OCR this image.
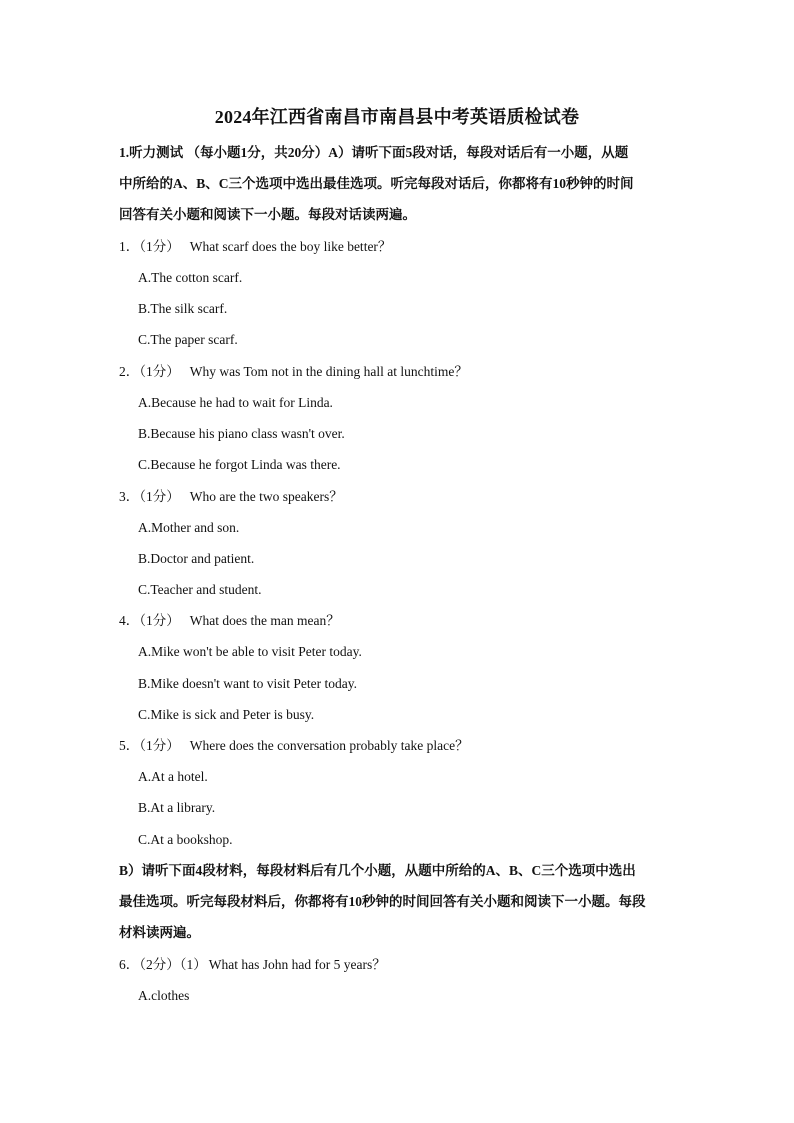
2024年江西省南昌市南昌县中考英语质检试卷
1.听力测试 （每小题1分，共20分）A）请听下面5段对话，每段对话后有一小题，从题
中所给的A、B、C三个选项中选出最佳选项。听完每段对话后，你都将有10秒钟的时间
回答有关小题和阅读下一小题。每段对话读两遍。
1．（1分） What scarf does the boy like better？
A.The cotton scarf.
B.The silk scarf.
C.The paper scarf.
2．（1分） Why was Tom not in the dining hall at lunchtime？
A.Because he had to wait for Linda.
B.Because his piano class wasn't over.
C.Because he forgot Linda was there.
3．（1分） Who are the two speakers？
A.Mother and son.
B.Doctor and patient.
C.Teacher and student.
4．（1分） What does the man mean？
A.Mike won't be able to visit Peter today.
B.Mike doesn't want to visit Peter today.
C.Mike is sick and Peter is busy.
5．（1分） Where does the conversation probably take place？
A.At a hotel.
B.At a library.
C.At a bookshop.
B）请听下面4段材料，每段材料后有几个小题，从题中所给的A、B、C三个选项中选出
最佳选项。听完每段材料后，你都将有10秒钟的时间回答有关小题和阅读下一小题。每段
材料读两遍。
6．（2分）（1） What has John had for 5 years？
A.clothes
